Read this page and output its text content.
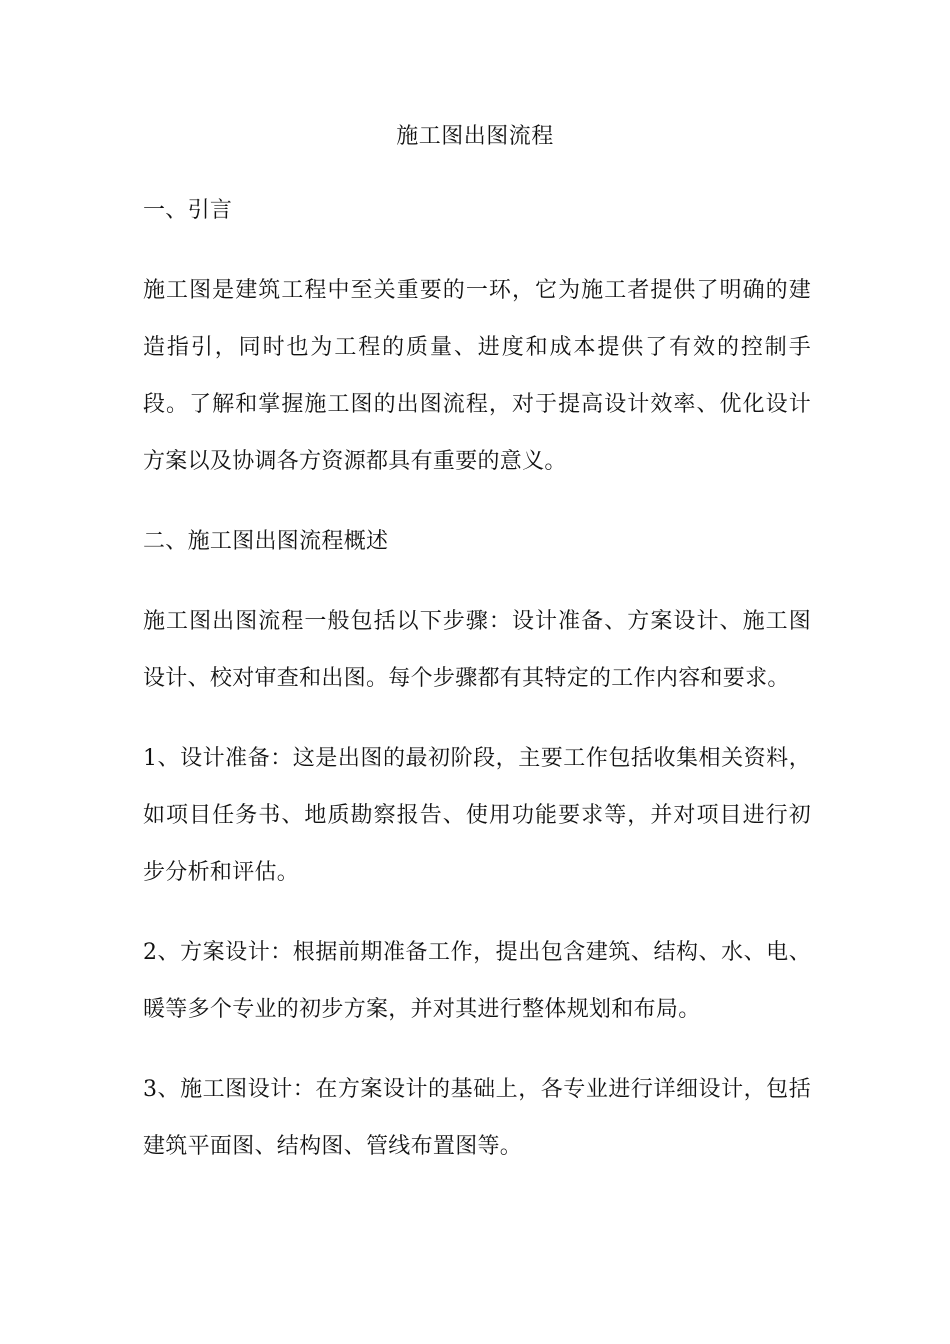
施工图出图流程

一、引言

施工图是建筑工程中至关重要的一环，它为施工者提供了明确的建造指引，同时也为工程的质量、进度和成本提供了有效的控制手段。了解和掌握施工图的出图流程，对于提高设计效率、优化设计方案以及协调各方资源都具有重要的意义。

二、施工图出图流程概述

施工图出图流程一般包括以下步骤：设计准备、方案设计、施工图设计、校对审查和出图。每个步骤都有其特定的工作内容和要求。

1、设计准备：这是出图的最初阶段，主要工作包括收集相关资料，如项目任务书、地质勘察报告、使用功能要求等，并对项目进行初步分析和评估。

2、方案设计：根据前期准备工作，提出包含建筑、结构、水、电、暖等多个专业的初步方案，并对其进行整体规划和布局。

3、施工图设计：在方案设计的基础上，各专业进行详细设计，包括建筑平面图、结构图、管线布置图等。
